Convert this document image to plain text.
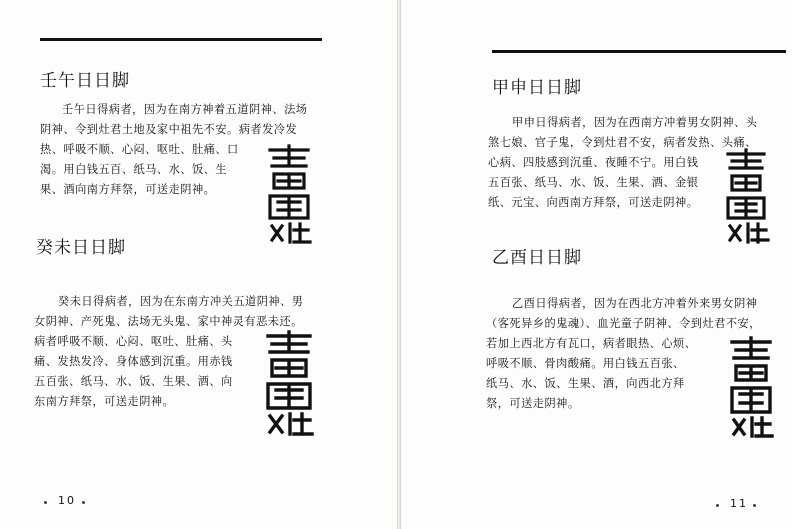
壬午日日脚
壬午日得病者，因为在南方神着五道阴神、法场
阴神、令到灶君土地及家中祖先不安。病者发冷发
热、呼吸不顺、心闷、呕吐、肚痛、口
渴。用白钱五百、纸马、水、饭、生
果、酒向南方拜祭，可送走阴神。
癸未日日脚
癸未日得病者，因为在东南方冲关五道阴神、男
女阴神、产死鬼、法场无头鬼、家中神灵有恶未还。
病者呼吸不顺、心闷、呕吐、肚痛、头
痛、发热发冷、身体感到沉重。用赤钱
五百张、纸马、水、饭、生果、酒、向
东南方拜祭，可送走阴神。
10
甲申日日脚
甲申日得病者，因为在西南方冲着男女阴神、头
煞七娘、官子鬼，令到灶君不安，病者发热、头痛、
心病、四肢感到沉重、夜睡不宁。用白钱
五百张、纸马、水、饭、生果、酒、金银
纸、元宝、向西南方拜祭，可送走阴神。
乙酉日日脚
乙酉日得病者，因为在西北方冲着外来男女阴神
（客死异乡的鬼魂）、血光童子阴神、令到灶君不安，
若加上西北方有瓦口，病者眼热、心烦、
呼吸不顺、骨肉酸痛。用白钱五百张、
纸马、水、饭、生果、酒，向西北方拜
祭，可送走阴神。
11
